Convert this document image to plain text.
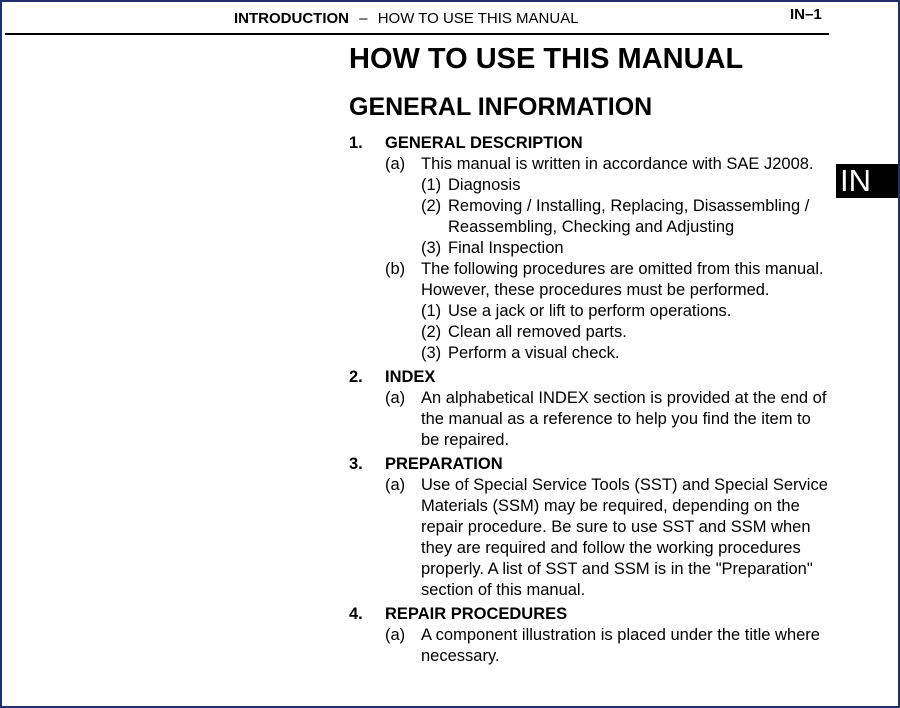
INTRODUCTION – HOW TO USE THIS MANUAL	IN–1
IN
HOW TO USE THIS MANUAL
GENERAL INFORMATION
1.	GENERAL DESCRIPTION
(a) This manual is written in accordance with SAE J2008.
(1) Diagnosis
(2) Removing / Installing, Replacing, Disassembling / Reassembling, Checking and Adjusting
(3) Final Inspection
(b) The following procedures are omitted from this manual. However, these procedures must be performed.
(1) Use a jack or lift to perform operations.
(2) Clean all removed parts.
(3) Perform a visual check.
2.	INDEX
(a) An alphabetical INDEX section is provided at the end of the manual as a reference to help you find the item to be repaired.
3.	PREPARATION
(a) Use of Special Service Tools (SST) and Special Service Materials (SSM) may be required, depending on the repair procedure. Be sure to use SST and SSM when they are required and follow the working procedures properly. A list of SST and SSM is in the "Preparation" section of this manual.
4.	REPAIR PROCEDURES
(a) A component illustration is placed under the title where necessary.
